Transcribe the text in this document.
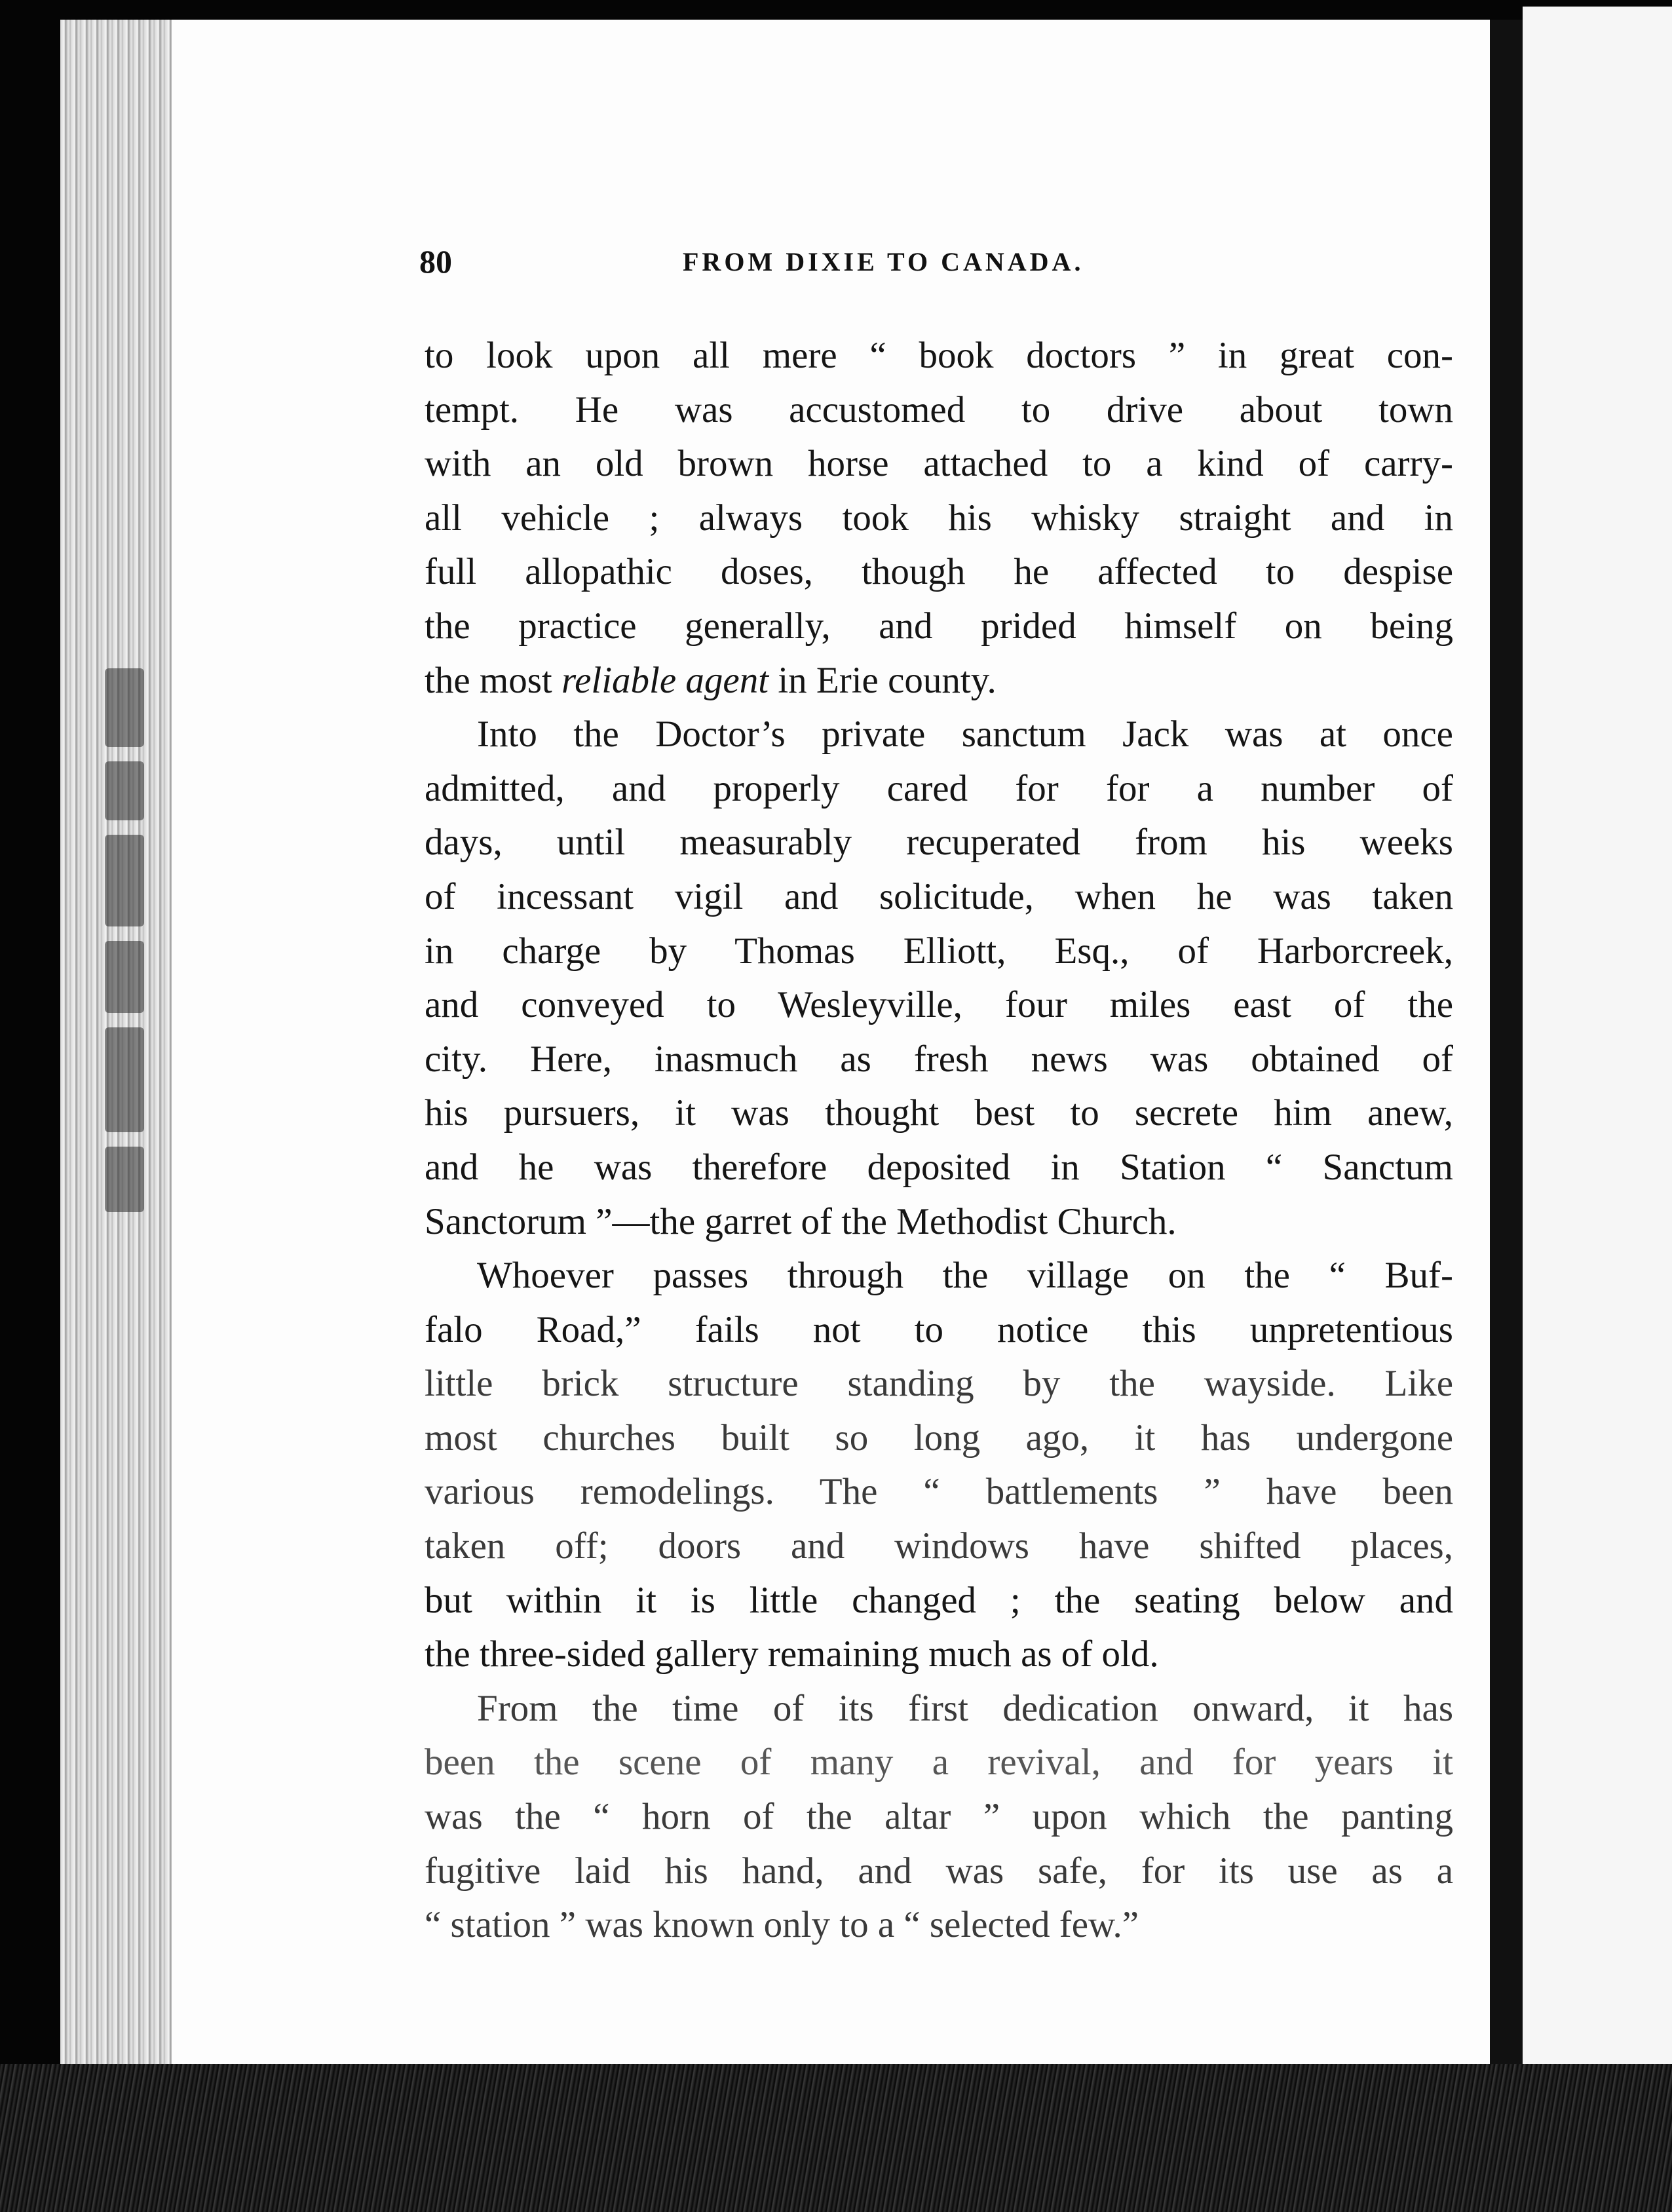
80	FROM DIXIE TO CANADA.
to look upon all mere “ book doctors ” in great con-
tempt. He was accustomed to drive about town
with an old brown horse attached to a kind of carry-
all vehicle ; always took his whisky straight and in
full allopathic doses, though he affected to despise
the practice generally, and prided himself on being
the most reliable agent in Erie county.
Into the Doctor’s private sanctum Jack was at once
admitted, and properly cared for for a number of
days, until measurably recuperated from his weeks
of incessant vigil and solicitude, when he was taken
in charge by Thomas Elliott, Esq., of Harborcreek,
and conveyed to Wesleyville, four miles east of the
city. Here, inasmuch as fresh news was obtained of
his pursuers, it was thought best to secrete him anew,
and he was therefore deposited in Station “ Sanctum
Sanctorum ”—the garret of the Methodist Church.
Whoever passes through the village on the “ Buf-
falo Road,” fails not to notice this unpretentious
little brick structure standing by the wayside. Like
most churches built so long ago, it has undergone
various remodelings. The “ battlements ” have been
taken off; doors and windows have shifted places,
but within it is little changed ; the seating below and
the three-sided gallery remaining much as of old.
From the time of its first dedication onward, it has
been the scene of many a revival, and for years it
was the “ horn of the altar ” upon which the panting
fugitive laid his hand, and was safe, for its use as a
“ station ” was known only to a “ selected few.”
